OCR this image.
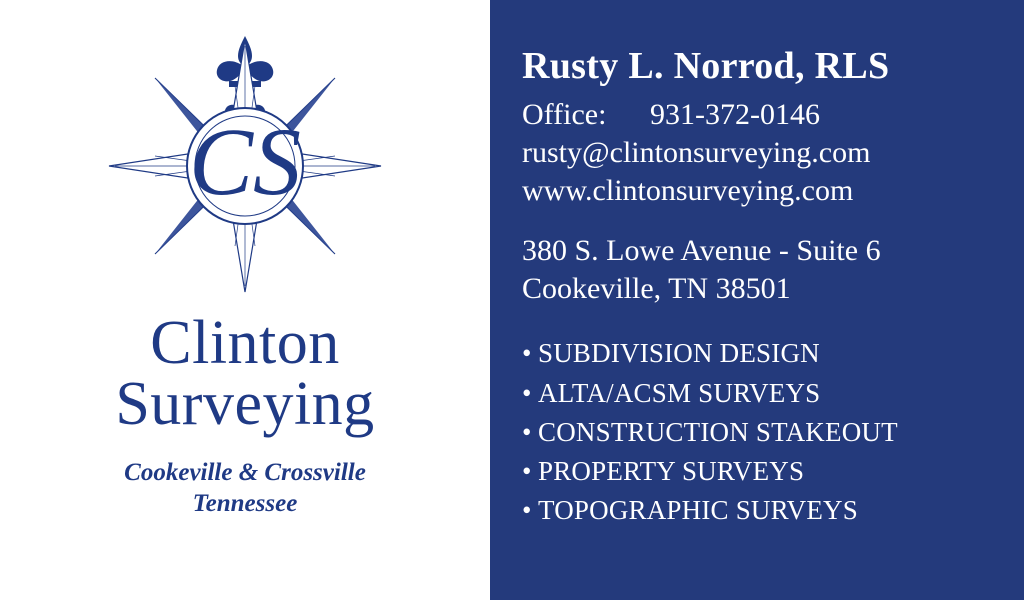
CS
Clinton
Surveying
Cookeville & Crossville
Tennessee
Rusty L. Norrod, RLS
Office: 931-372-0146
rusty@clintonsurveying.com
www.clintonsurveying.com
380 S. Lowe Avenue - Suite 6
Cookeville, TN 38501
• SUBDIVISION DESIGN
• ALTA/ACSM SURVEYS
• CONSTRUCTION STAKEOUT
• PROPERTY SURVEYS
• TOPOGRAPHIC SURVEYS
